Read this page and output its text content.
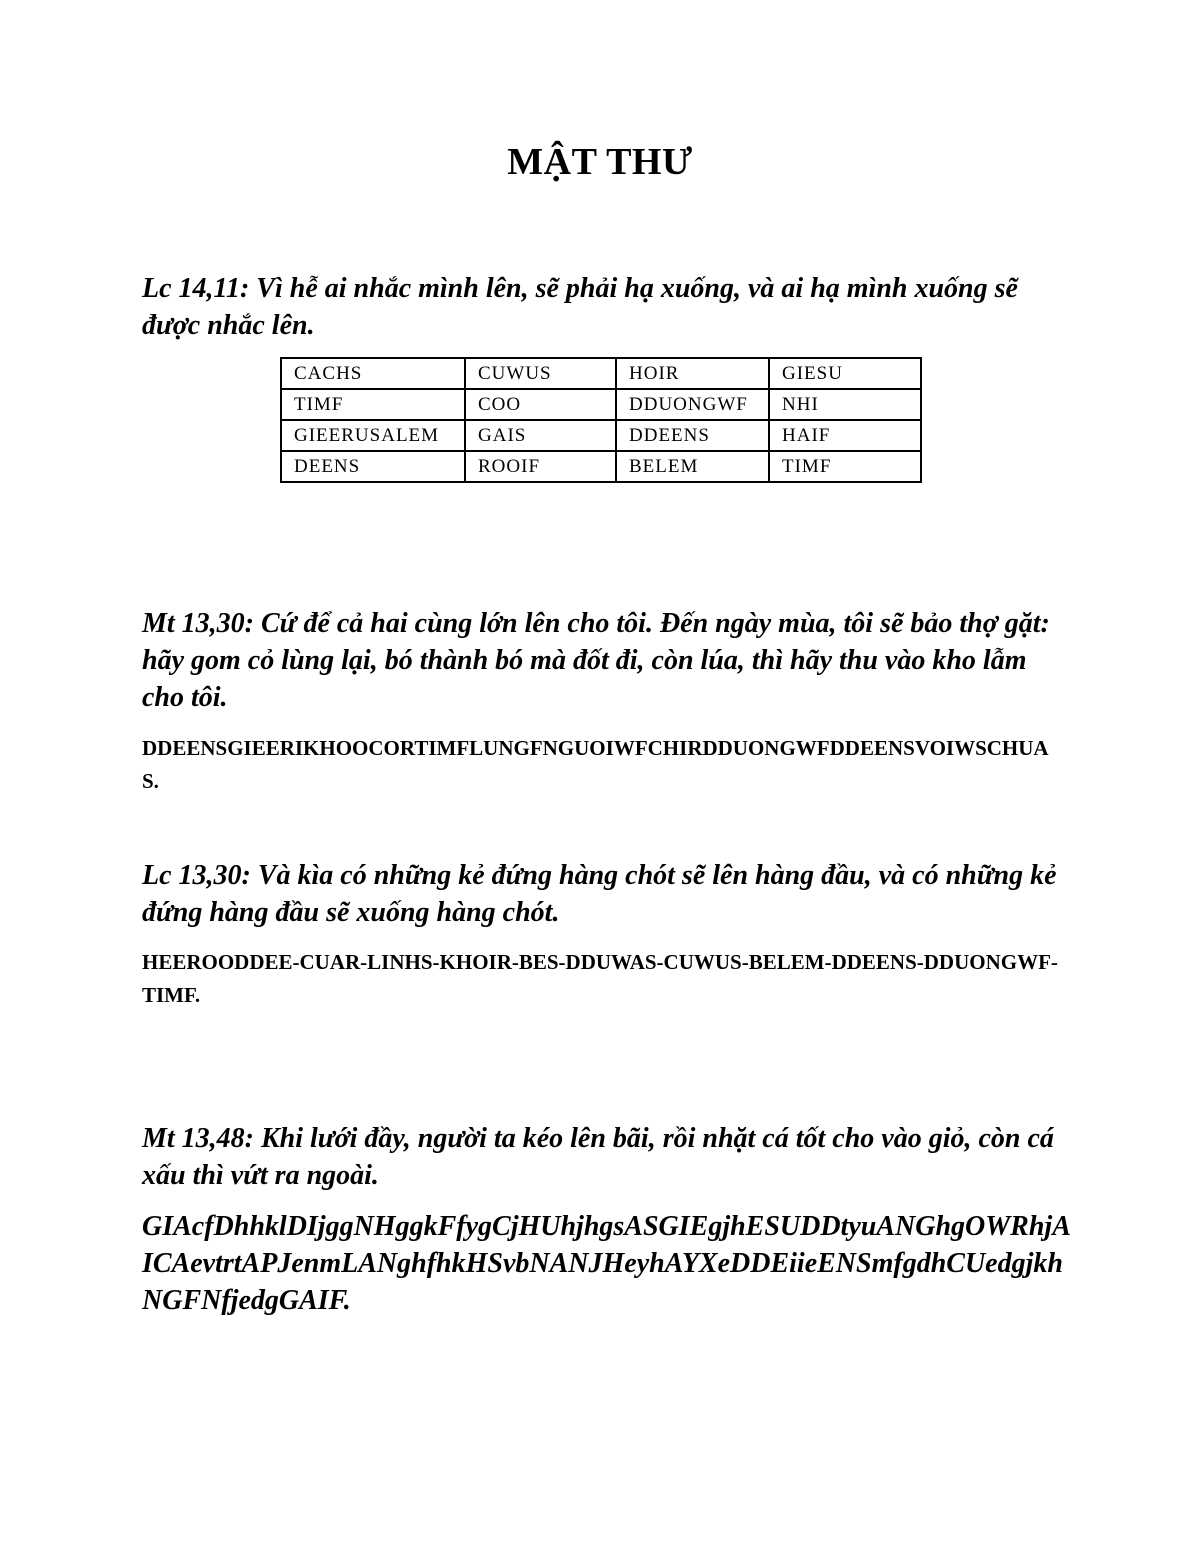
MẬT THƯ
Lc 14,11: Vì hễ ai nhắc mình lên, sẽ phải hạ xuống, và ai hạ mình xuống sẽ được nhắc lên.
CACHS	CUWUS	HOIR	GIESU
TIMF	COO	DDUONGWF	NHI
GIEERUSALEM	GAIS	DDEENS	HAIF
DEENS	ROOIF	BELEM	TIMF
Mt 13,30: Cứ để cả hai cùng lớn lên cho tôi. Đến ngày mùa, tôi sẽ bảo thợ gặt: hãy gom cỏ lùng lại, bó thành bó mà đốt đi, còn lúa, thì hãy thu vào kho lẫm cho tôi.
DDEENSGIEERIKHOOCORTIMFLUNGFNGUOIWFCHIRDDUONGWFDDEENSVOIWSCHUAS.
Lc 13,30: Và kìa có những kẻ đứng hàng chót sẽ lên hàng đầu, và có những kẻ đứng hàng đầu sẽ xuống hàng chót.
HEEROODDEE-CUAR-LINHS-KHOIR-BES-DDUWAS-CUWUS-BELEM-DDEENS-DDUONGWF-TIMF.
Mt 13,48: Khi lưới đầy, người ta kéo lên bãi, rồi nhặt cá tốt cho vào giỏ, còn cá xấu thì vứt ra ngoài.
GIAcfDhhklDIjggNHggkFfygCjHUhjhgsASGIEgjhESUDDtyuANGhgOWRhjAICAevtrtAPJenmLANghfhkHSvbNANJHeyhAYXeDDEiieENSmfgdhCUedgjkhNGFNfjedgGAIF.
